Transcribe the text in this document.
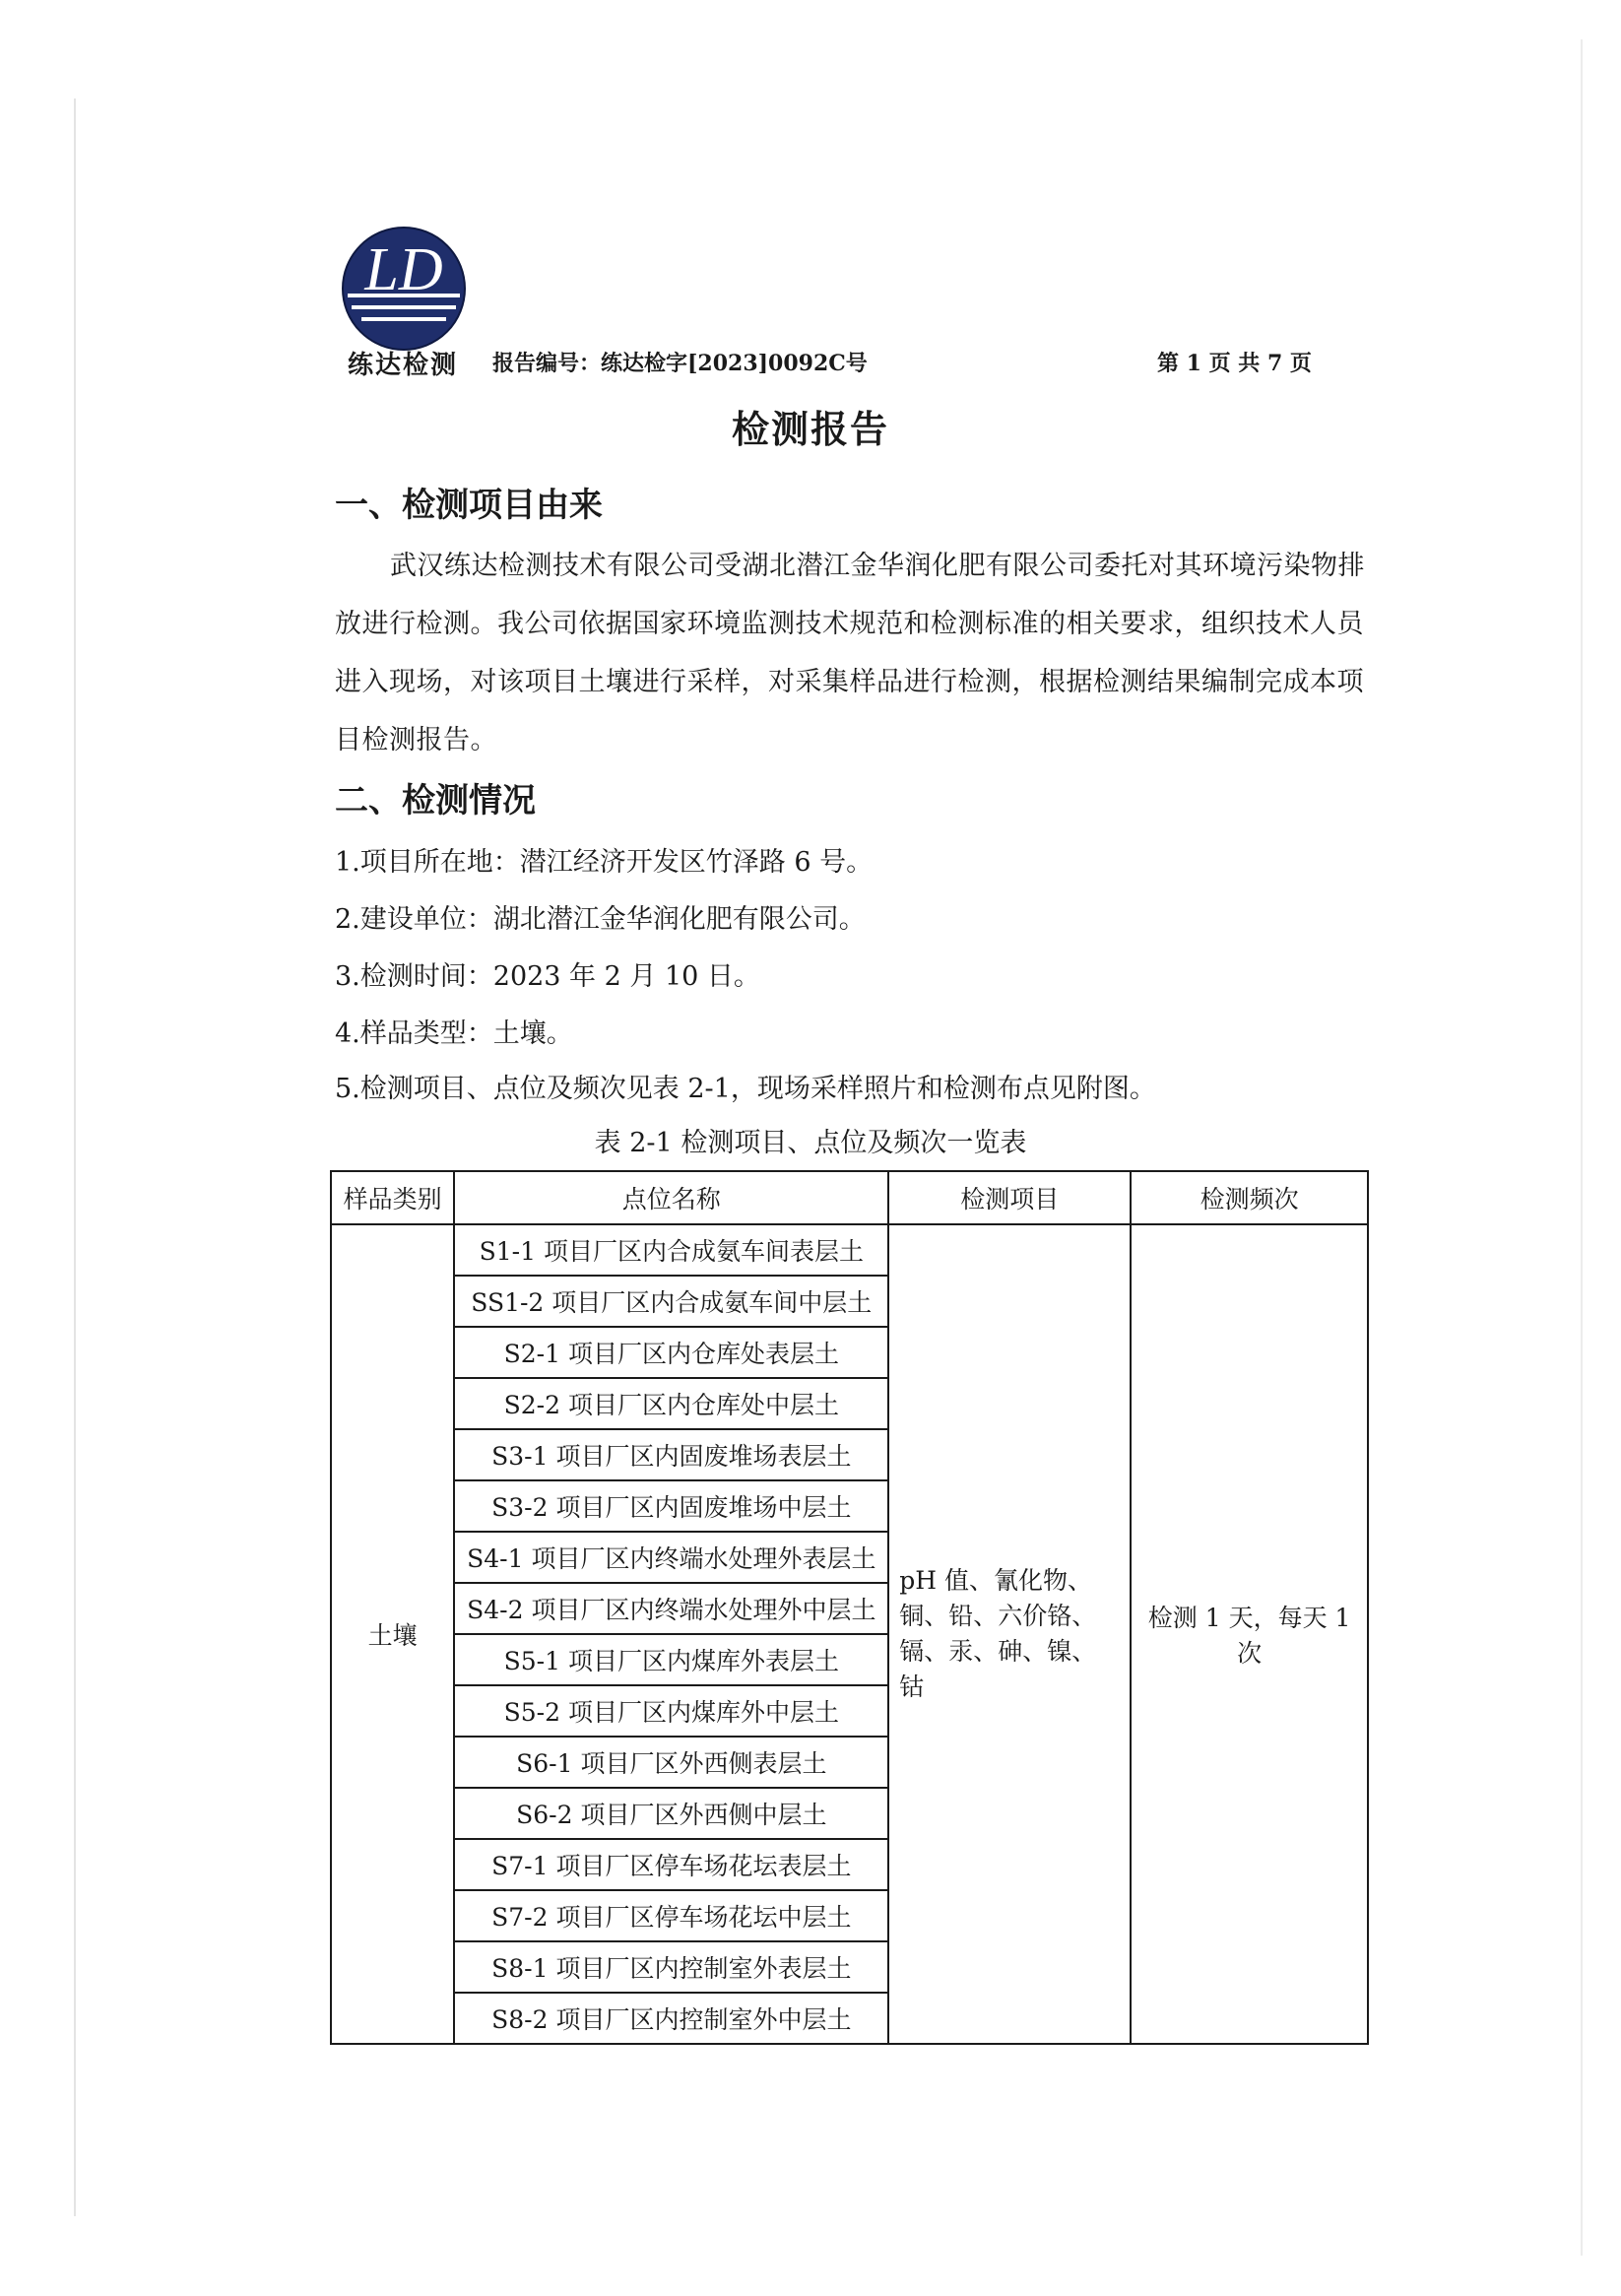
LD
练达检测	报告编号：练达检字[2023]0092C号	第 1 页 共 7 页
检测报告
一、检测项目由来
武汉练达检测技术有限公司受湖北潜江金华润化肥有限公司委托对其环境污染物排放进行检测。我公司依据国家环境监测技术规范和检测标准的相关要求，组织技术人员进入现场，对该项目土壤进行采样，对采集样品进行检测，根据检测结果编制完成本项目检测报告。
二、检测情况
1.项目所在地：潜江经济开发区竹泽路 6 号。
2.建设单位：湖北潜江金华润化肥有限公司。
3.检测时间：2023 年 2 月 10 日。
4.样品类型：土壤。
5.检测项目、点位及频次见表 2-1，现场采样照片和检测布点见附图。
表 2-1 检测项目、点位及频次一览表
样品类别	点位名称	检测项目	检测频次
土壤	S1-1 项目厂区内合成氨车间表层土	pH 值、氰化物、铜、铅、六价铬、镉、汞、砷、镍、钴	检测 1 天，每天 1 次
	SS1-2 项目厂区内合成氨车间中层土		
	S2-1 项目厂区内仓库处表层土		
	S2-2 项目厂区内仓库处中层土		
	S3-1 项目厂区内固废堆场表层土		
	S3-2 项目厂区内固废堆场中层土		
	S4-1 项目厂区内终端水处理外表层土		
	S4-2 项目厂区内终端水处理外中层土		
	S5-1 项目厂区内煤库外表层土		
	S5-2 项目厂区内煤库外中层土		
	S6-1 项目厂区外西侧表层土		
	S6-2 项目厂区外西侧中层土		
	S7-1 项目厂区停车场花坛表层土		
	S7-2 项目厂区停车场花坛中层土		
	S8-1 项目厂区内控制室外表层土		
	S8-2 项目厂区内控制室外中层土		
